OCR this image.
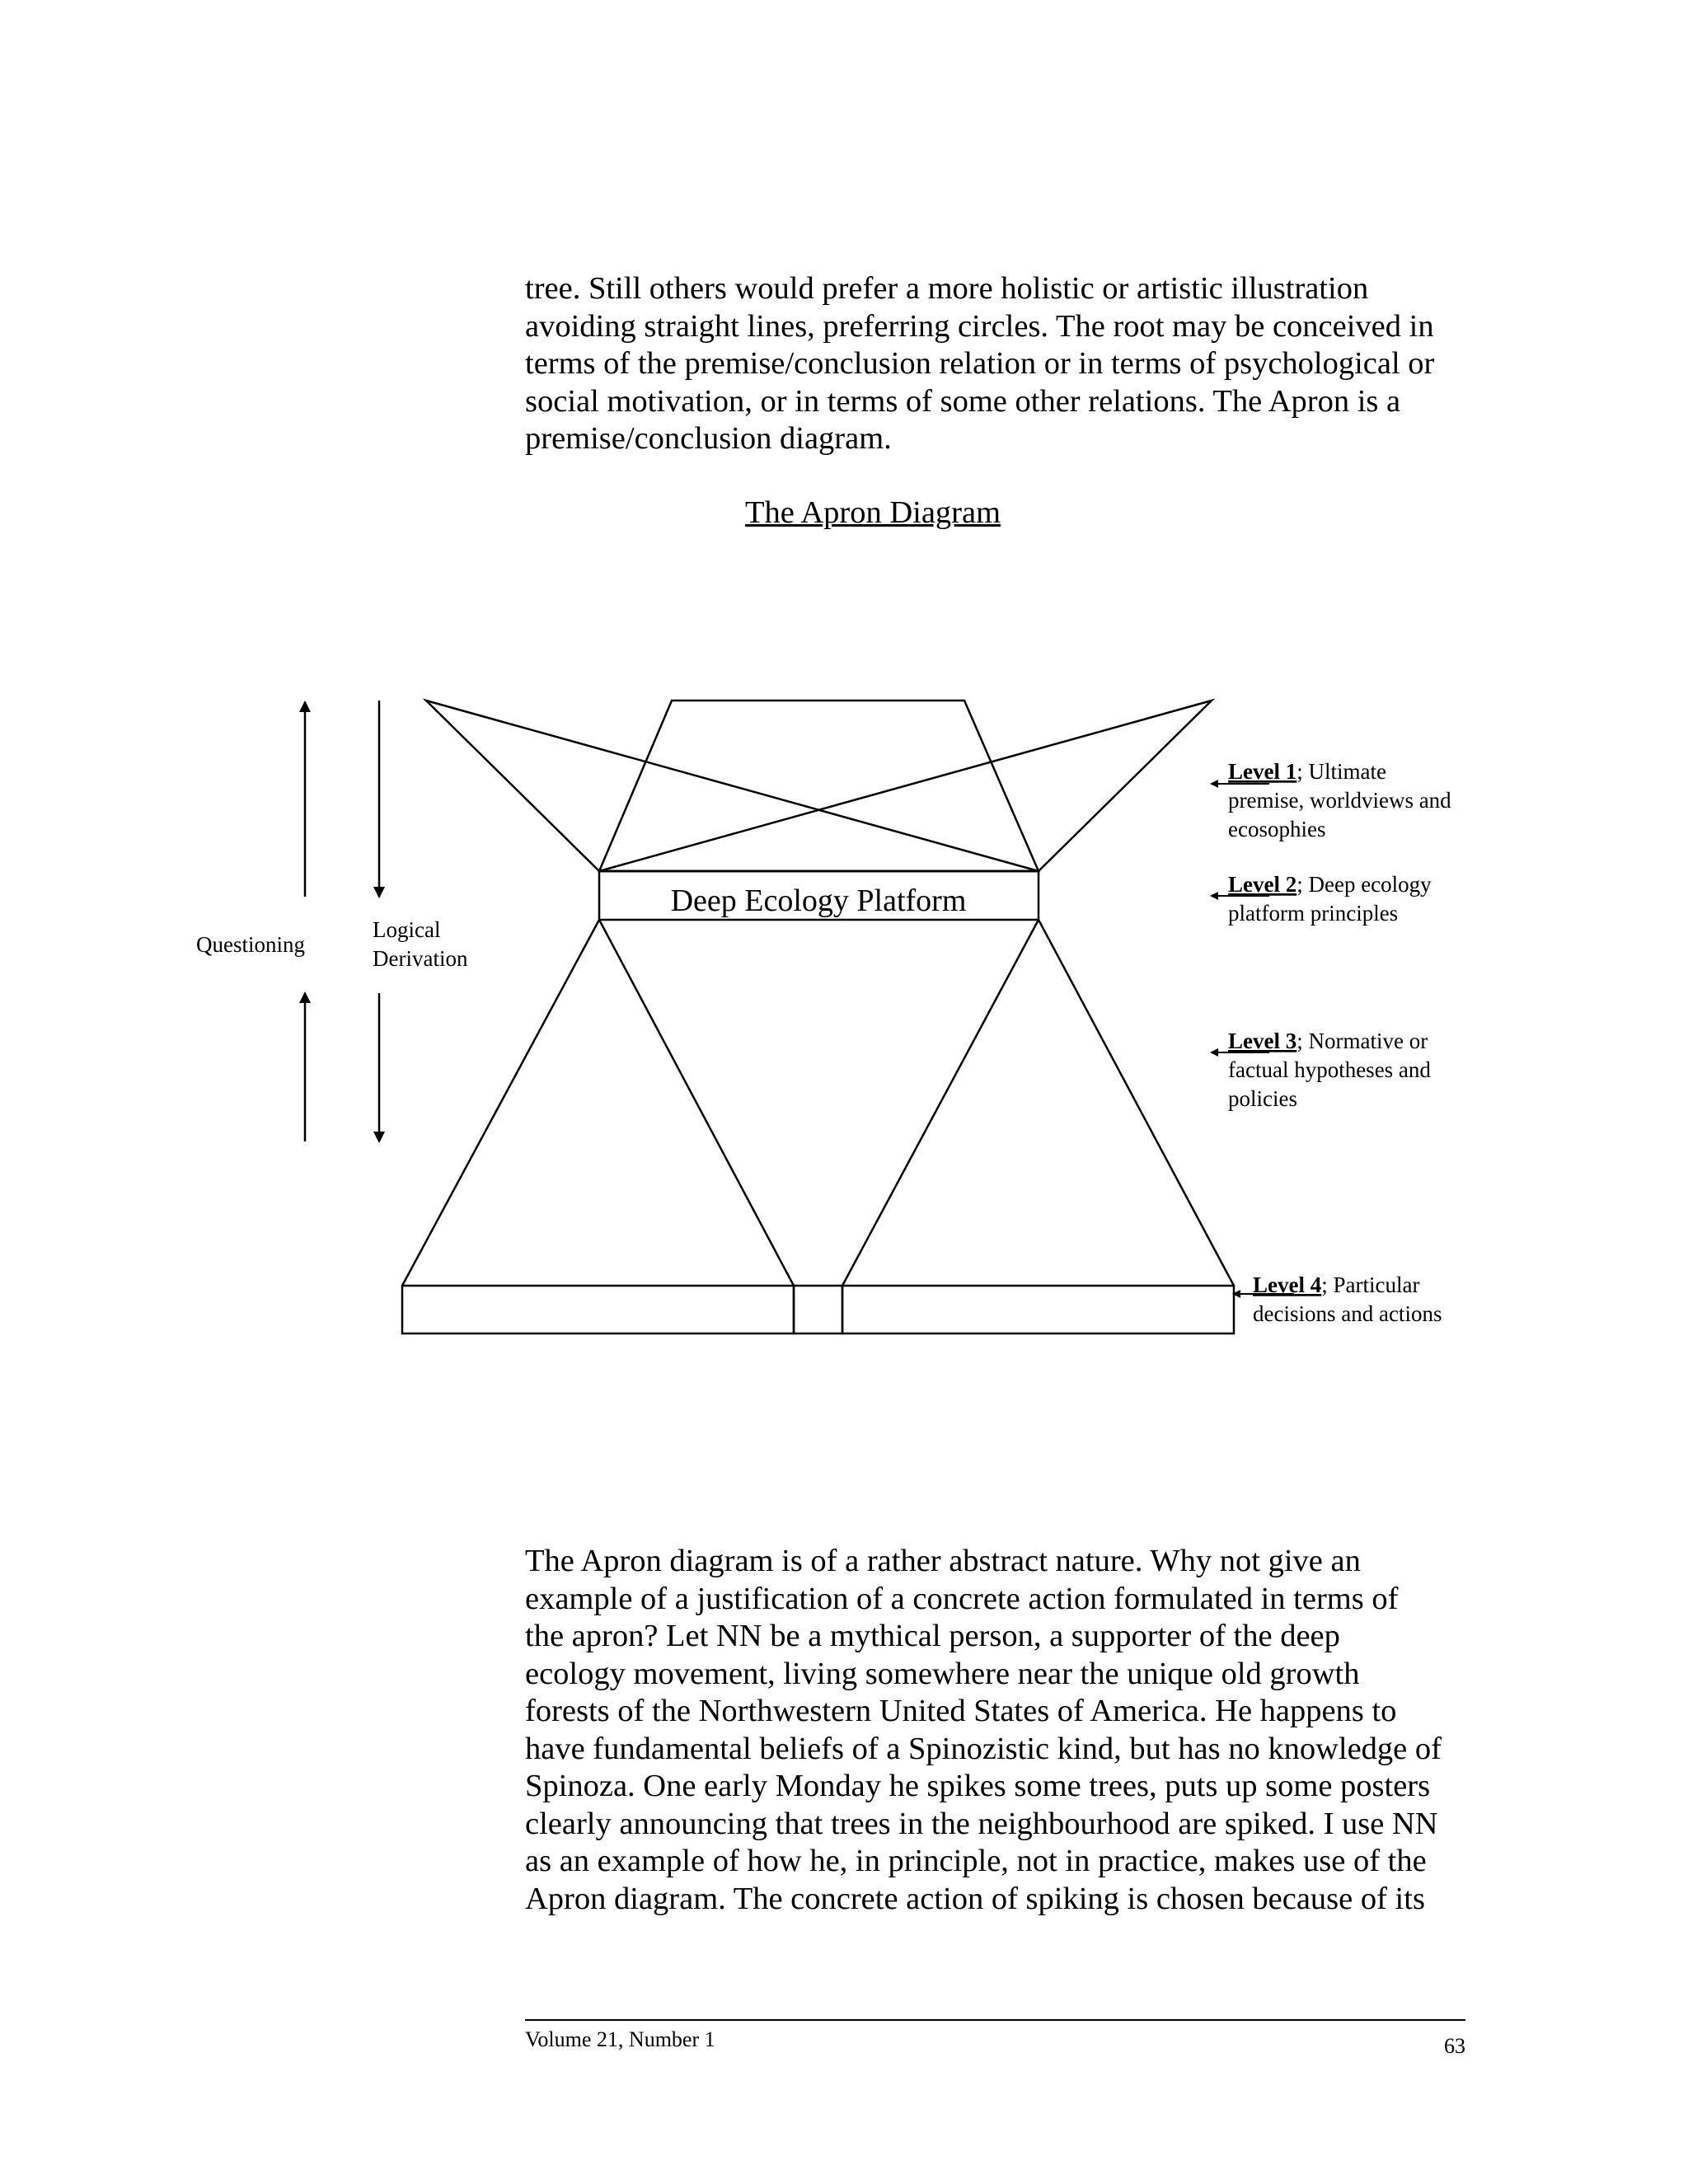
tree. Still others would prefer a more holistic or artistic illustration
avoiding straight lines, preferring circles. The root may be conceived in
terms of the premise/conclusion relation or in terms of psychological or
social motivation, or in terms of some other relations. The Apron is a
premise/conclusion diagram.
The Apron Diagram
Deep Ecology Platform
Questioning
Logical
Derivation
Level 1; Ultimate
premise, worldviews and
ecosophies
Level 2; Deep ecology
platform principles
Level 3; Normative or
factual hypotheses and
policies
Level 4; Particular
decisions and actions
The Apron diagram is of a rather abstract nature. Why not give an
example of a justification of a concrete action formulated in terms of
the apron? Let NN be a mythical person, a supporter of the deep
ecology movement, living somewhere near the unique old growth
forests of the Northwestern United States of America. He happens to
have fundamental beliefs of a Spinozistic kind, but has no knowledge of
Spinoza. One early Monday he spikes some trees, puts up some posters
clearly announcing that trees in the neighbourhood are spiked. I use NN
as an example of how he, in principle, not in practice, makes use of the
Apron diagram. The concrete action of spiking is chosen because of its
Volume 21, Number 1	63
